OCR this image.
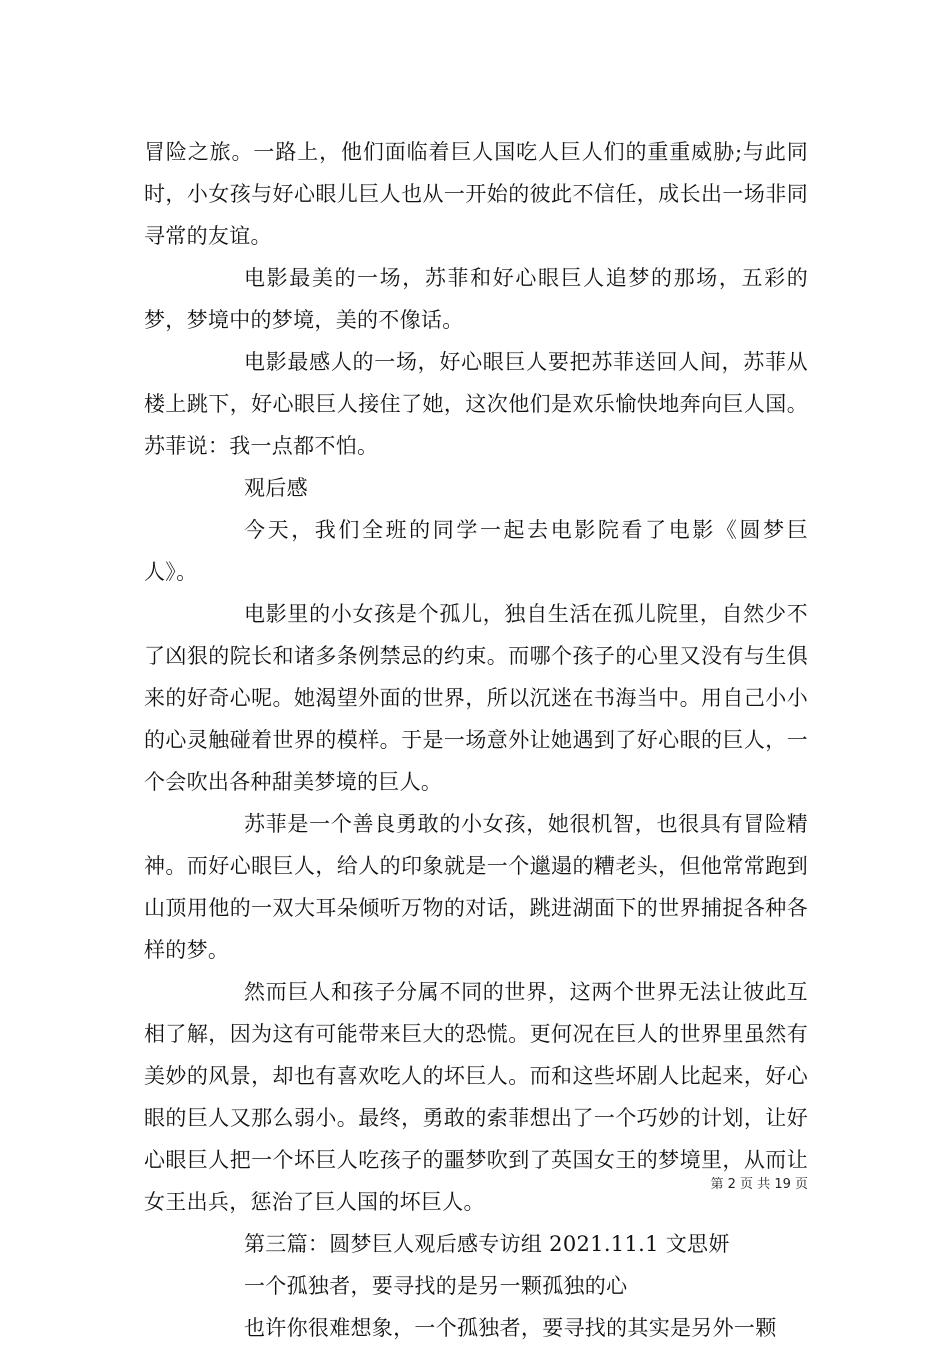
冒险之旅。一路上，他们面临着巨人国吃人巨人们的重重威胁;与此同时，小女孩与好心眼儿巨人也从一开始的彼此不信任，成长出一场非同寻常的友谊。

电影最美的一场，苏菲和好心眼巨人追梦的那场，五彩的梦，梦境中的梦境，美的不像话。

电影最感人的一场，好心眼巨人要把苏菲送回人间，苏菲从楼上跳下，好心眼巨人接住了她，这次他们是欢乐愉快地奔向巨人国。苏菲说：我一点都不怕。

观后感

今天，我们全班的同学一起去电影院看了电影《圆梦巨人》。

电影里的小女孩是个孤儿，独自生活在孤儿院里，自然少不了凶狠的院长和诸多条例禁忌的约束。而哪个孩子的心里又没有与生俱来的好奇心呢。她渴望外面的世界，所以沉迷在书海当中。用自己小小的心灵触碰着世界的模样。于是一场意外让她遇到了好心眼的巨人，一个会吹出各种甜美梦境的巨人。

苏菲是一个善良勇敢的小女孩，她很机智，也很具有冒险精神。而好心眼巨人，给人的印象就是一个邋遢的糟老头，但他常常跑到山顶用他的一双大耳朵倾听万物的对话，跳进湖面下的世界捕捉各种各样的梦。

然而巨人和孩子分属不同的世界，这两个世界无法让彼此互相了解，因为这有可能带来巨大的恐慌。更何况在巨人的世界里虽然有美妙的风景，却也有喜欢吃人的坏巨人。而和这些坏剧人比起来，好心眼的巨人又那么弱小。最终，勇敢的索菲想出了一个巧妙的计划，让好心眼巨人把一个坏巨人吃孩子的噩梦吹到了英国女王的梦境里，从而让女王出兵，惩治了巨人国的坏巨人。

第三篇：圆梦巨人观后感专访组 2021.11.1 文思妍

一个孤独者，要寻找的是另一颗孤独的心

也许你很难想象，一个孤独者，要寻找的其实是另外一颗

第 2 页 共 19 页
